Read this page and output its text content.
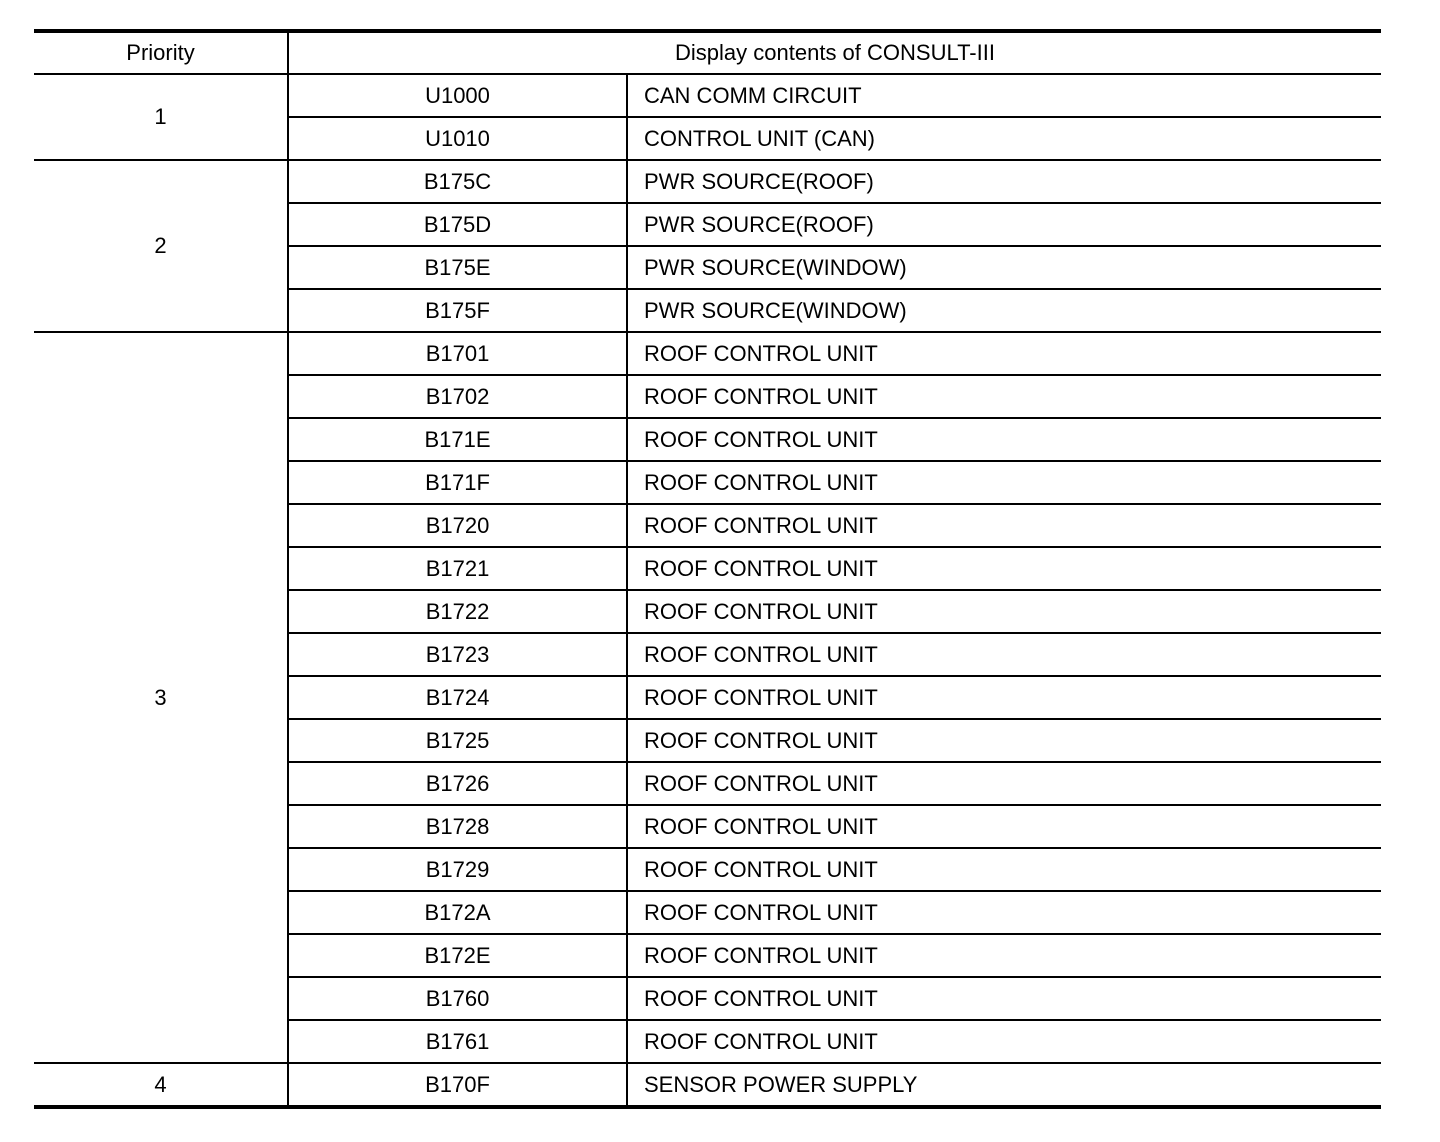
Priority	Display contents of CONSULT-III	
1	U1000	CAN COMM CIRCUIT
	U1010	CONTROL UNIT (CAN)
2	B175C	PWR SOURCE(ROOF)
	B175D	PWR SOURCE(ROOF)
	B175E	PWR SOURCE(WINDOW)
	B175F	PWR SOURCE(WINDOW)
3	B1701	ROOF CONTROL UNIT
	B1702	ROOF CONTROL UNIT
	B171E	ROOF CONTROL UNIT
	B171F	ROOF CONTROL UNIT
	B1720	ROOF CONTROL UNIT
	B1721	ROOF CONTROL UNIT
	B1722	ROOF CONTROL UNIT
	B1723	ROOF CONTROL UNIT
	B1724	ROOF CONTROL UNIT
	B1725	ROOF CONTROL UNIT
	B1726	ROOF CONTROL UNIT
	B1728	ROOF CONTROL UNIT
	B1729	ROOF CONTROL UNIT
	B172A	ROOF CONTROL UNIT
	B172E	ROOF CONTROL UNIT
	B1760	ROOF CONTROL UNIT
	B1761	ROOF CONTROL UNIT
4	B170F	SENSOR POWER SUPPLY
